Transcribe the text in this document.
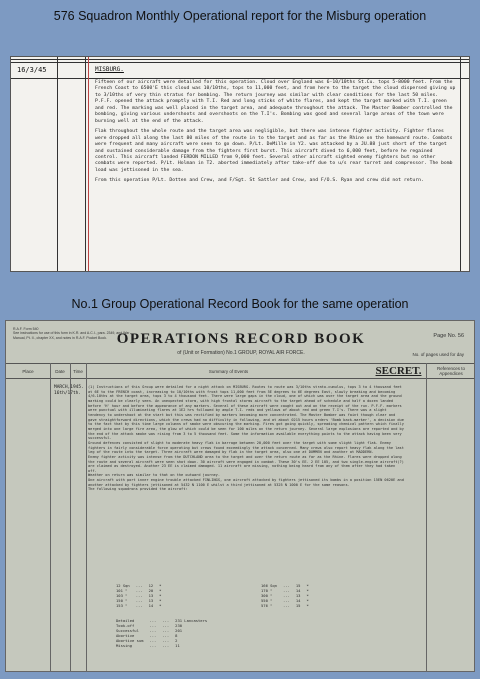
576 Squadron Monthly Operational report for the Misburg operation
16/3/45	MISBURG.

Fifteen of our aircraft were detailed for this operation. Cloud over England was 6-10/10ths St.Cu. tops 5-8000 feet. From the French Coast to 6500'E this cloud was 10/10ths, tops to 11,000 feet, and from here to the target the cloud dispersed giving up to 3/10ths of very thin stratus for bombing. The return journey was similar with clear conditions for the last 50 miles. P.F.F. opened the attack promptly with T.I. Red and long sticks of white flares, and kept the target marked with T.I. green and red. The marking was well placed in the target area, and adequate throughout the attack. The Master Bomber controlled the bombing, giving various undershoots and overshoots on the T.I's. Bombing was good and several large areas of the town were burning well at the end of the attack.

Flak throughout the whole route and the target area was negligible, but there was intense fighter activity. Fighter flares were dropped all along the last 80 miles of the route in to the target and as far as the Rhine on the homeward route. Combats were frequent and many aircraft were seen to go down. P/Lt. DeMille in Y2. was attacked by a JU.88 just short of the target and sustained considerable damage from the fighters first burst. This aircraft dived to 6,000 feet, before he regained control. This aircraft landed FERDON MILLED from 9,000 feet. Several other aircraft sighted enemy fighters but no other combats were reported. P/Lt. Holman in T2. aborted immediately after take-off due to u/s rear turret and compressor. The bomb load was jettisoned in the sea.

From this operation P/Lt. Dotten and Crew, and F/Sgt. St Sattler and Crew, and F/O.S. Ryan and crew did not return.

No.1 Group Operational Record Book for the same operation
R.A.F. Form 540
See instructions for use of this form in K.R. and A.C.I., para. 2349, and War Manual, Pt. II., chapter XX, and notes in R.A.F. Pocket Book. OPERATIONS RECORD BOOK
of (Unit or Formation) No.1 GROUP, ROYAL AIR FORCE.
Page No. 56
No. of pages used for day
Place	Date	Time	Summary of Events	SECRET.	References to Appendices
MARCH,1945.
16th/17th.
(1) Instructions of this Group were detailed for a night attack on MISBURG. Routes to route was 3/10ths strato-cumulus, tops 3 to 4 thousand feet at 6E to the FRENCH coast, increasing to 10/10ths with frost tops 11,000 feet from 5E degrees to 6E degrees East, slowly breaking and becoming 4/6-10ths at the target area, tops 3 to 4 thousand feet. There were large gaps in the cloud, one of which was over the target area and the ground marking could be clearly seen. An unexpected storm, with high frontal storms aircraft to the target ahead of schedule and half a dozen landed before 'H' hour and before the appearance of any markers. Several of these aircraft were caught out and on the receipt of the run. P.F.F. markers were punctual with illuminating flares at 1E2 hrs followed by ample T.I. reds and yellows of about red and green T.I's. There was a slight tendency to undershoot at the start but this was rectified by markers becoming more concentrated. The Master Bomber was faint though clear and gave straightforward directions, which the crews had no difficulty in following, and at about 0215 hours orders 'Bomb back-marker', a decision due to the fact that by this time large columns of smoke were obscuring the marking. Fires got going quickly, spreading chemical pattern which finally merged into one large fire area, the glow of which could be seen for 100 miles on the return journey. Several large explosions are reported and by the end of the attack smoke was rising from 3 to 5 thousand feet. Some the information available everything points to the attack having been very successful.
Ground defences consisted of slight to moderate heavy flak in barrage between 20,000 feet over the target with some slight light flak. Enemy fighters in fairly considerable force operating but crews found exceedingly the attack concerned. Many crews also report heavy flak along the last leg of the route into the target. Three aircraft were damaged by flak in the target area, also one at DUMMEN and another at MADDERN.
Enemy fighter activity was intense from the DUTCHLAND area to the target and over the return route as far as the Rhine. Flares were dropped along the route and several aircraft were seen shot down. 30 aircraft were engaged in combat. These 30's EE. 2 EE 105, and two single-engine aircraft(?) are claimed as destroyed. Another 23 EE is claimed damaged. 11 aircraft are missing, nothing being heard from any of them after they had taken off.
Weather on return was similar to that on the outward journey.
One aircraft with port inner engine trouble attacked FINLINGS, one aircraft attacked by fighters jettisoned its bombs in a position 15EN 0620E and another attacked by fighters jettisoned at 5432 N 1100 E whilst a third jettisoned at 5325 N 1000 E for the same reasons.
The following squadrons provided the aircraft:
12 Sqn	...	12	*
101 "	...	20	*
103 "	...	13	*
150 "	...	13	*
153 "	...	14	*
166 Sqn	...	15	*
170 "	...	14	*
300 "	...	13	*
550 "	...	14	*
576 "	...	15	*
Detailed	...	...	231 Lancasters
Took-off	...	...	230
Successful	...	...	201
Abortive	...	...	8
Abortive sum	...	...	2
Missing	...	...	11
